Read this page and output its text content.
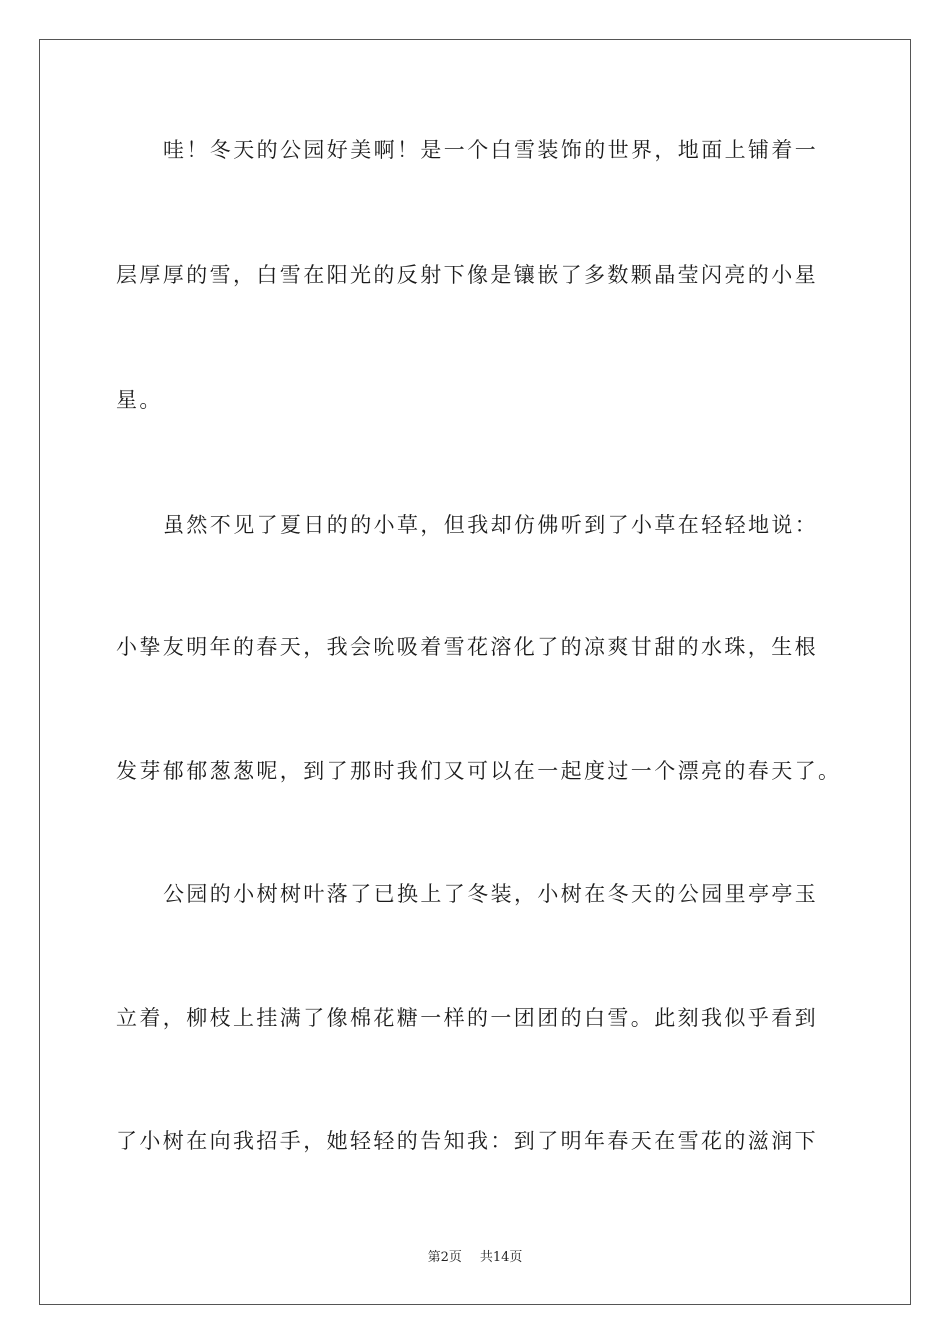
哇！冬天的公园好美啊！是一个白雪装饰的世界，地面上铺着一
层厚厚的雪，白雪在阳光的反射下像是镶嵌了多数颗晶莹闪亮的小星
星。
虽然不见了夏日的的小草，但我却仿佛听到了小草在轻轻地说：
小挚友明年的春天，我会吮吸着雪花溶化了的凉爽甘甜的水珠，生根
发芽郁郁葱葱呢，到了那时我们又可以在一起度过一个漂亮的春天了。
公园的小树树叶落了已换上了冬装，小树在冬天的公园里亭亭玉
立着，柳枝上挂满了像棉花糖一样的一团团的白雪。此刻我似乎看到
了小树在向我招手，她轻轻的告知我：到了明年春天在雪花的滋润下
第2页 共14页
